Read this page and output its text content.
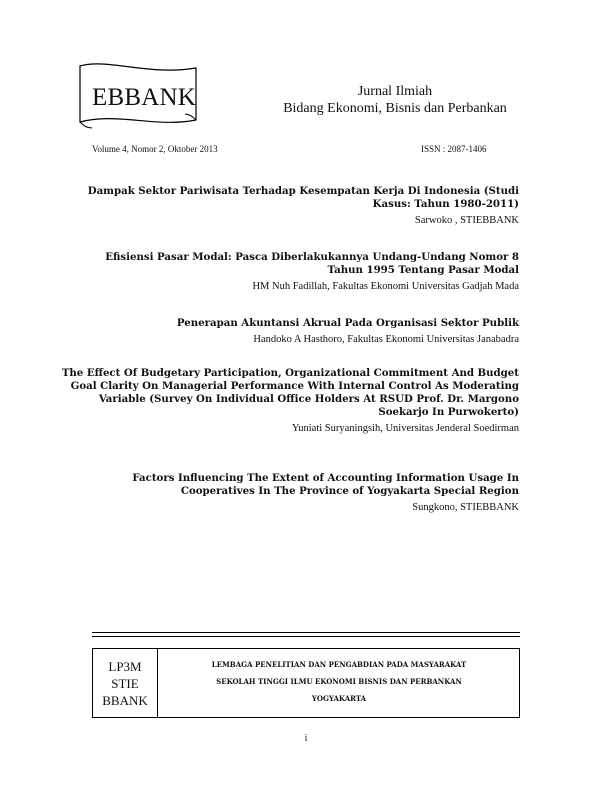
EBBANK	Jurnal Ilmiah
Bidang Ekonomi, Bisnis dan Perbankan
Volume 4, Nomor 2, Oktober 2013	ISSN : 2087-1406
Dampak Sektor Pariwisata Terhadap Kesempatan Kerja Di Indonesia (Studi
Kasus: Tahun 1980-2011)
Sarwoko , STIEBBANK
Efisiensi Pasar Modal: Pasca Diberlakukannya Undang-Undang Nomor 8
Tahun 1995 Tentang Pasar Modal
HM Nuh Fadillah, Fakultas Ekonomi Universitas Gadjah Mada
Penerapan Akuntansi Akrual Pada Organisasi Sektor Publik
Handoko A Hasthoro, Fakultas Ekonomi Universitas Janabadra
The Effect Of Budgetary Participation, Organizational Commitment And Budget
Goal Clarity On Managerial Performance With Internal Control As Moderating
Variable (Survey On Individual Office Holders At RSUD Prof. Dr. Margono
Soekarjo In Purwokerto)
Yuniati Suryaningsih, Universitas Jenderal Soedirman
Factors Influencing The Extent of Accounting Information Usage In
Cooperatives In The Province of Yogyakarta Special Region
Sungkono, STIEBBANK
LP3M
STIE
BBANK
LEMBAGA PENELITIAN DAN PENGABDIAN PADA MASYARAKAT
SEKOLAH TINGGI ILMU EKONOMI BISNIS DAN PERBANKAN
YOGYAKARTA
i
